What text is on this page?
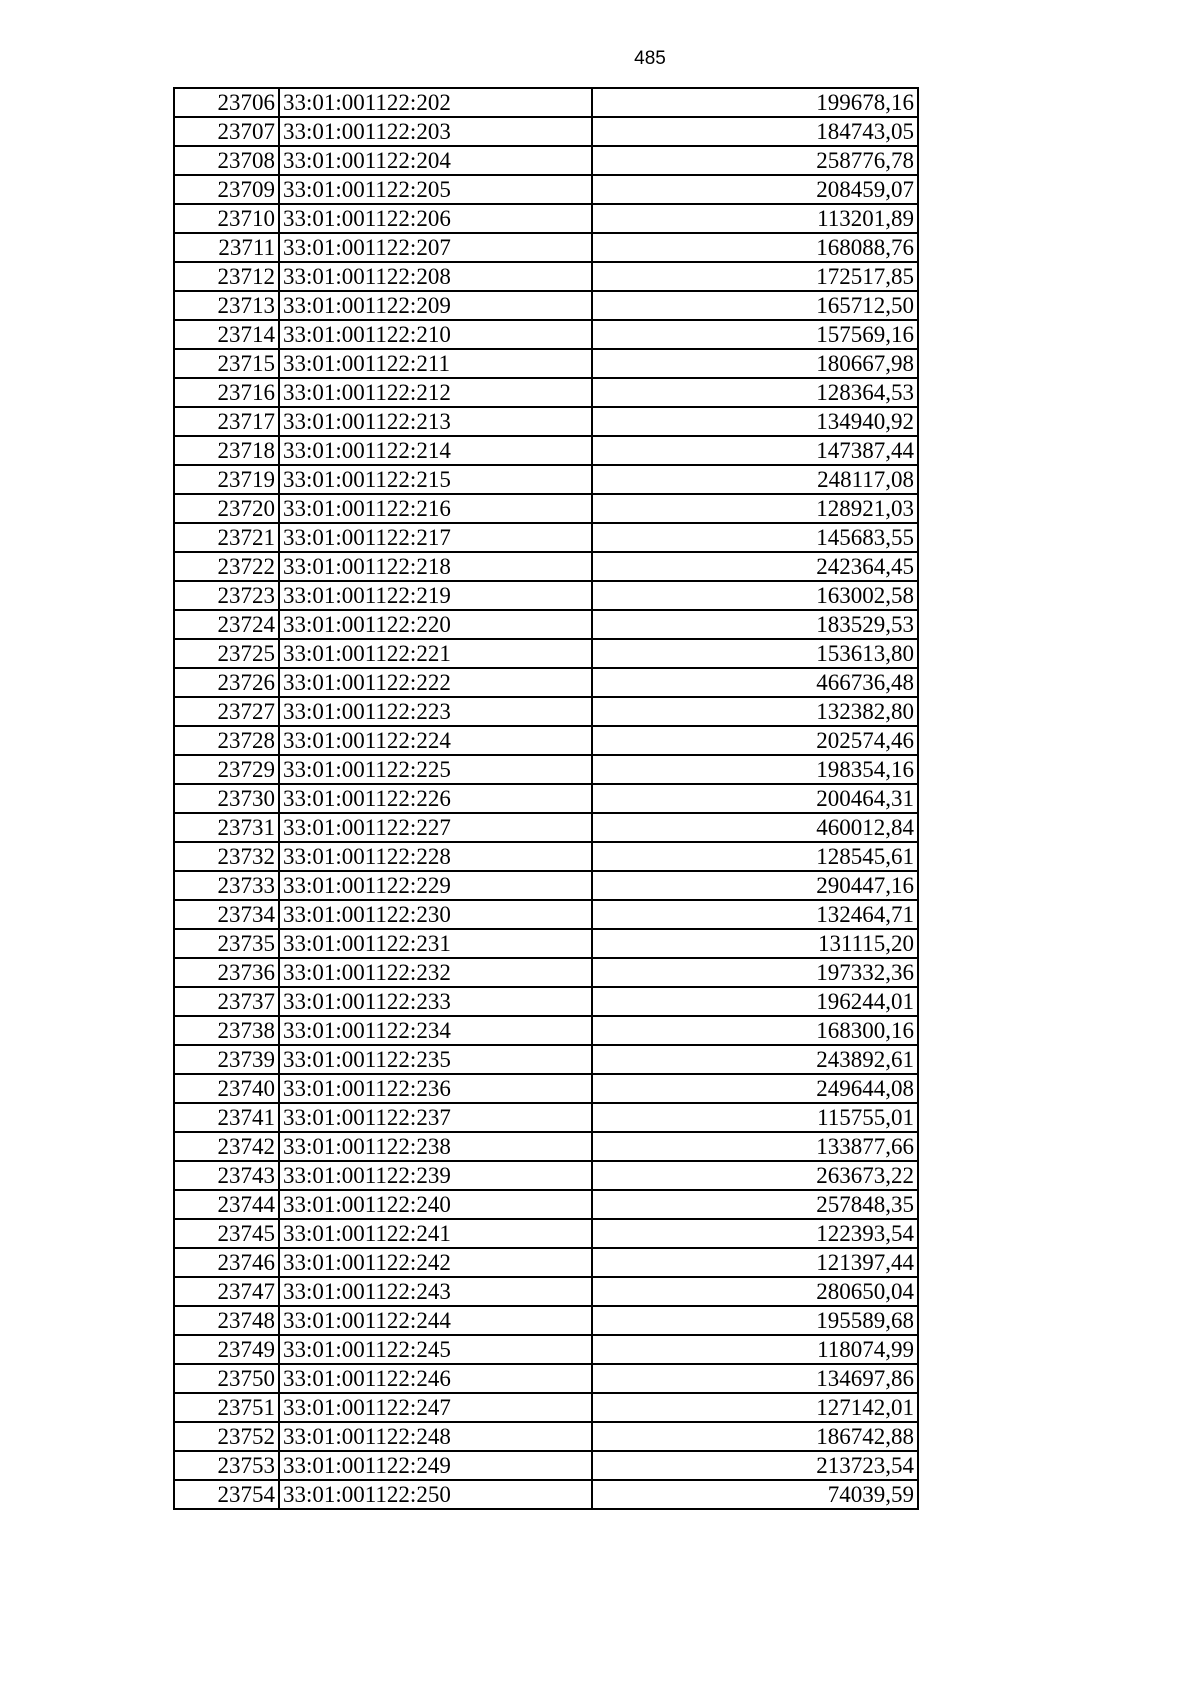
485
23706	33:01:001122:202	199678,16
23707	33:01:001122:203	184743,05
23708	33:01:001122:204	258776,78
23709	33:01:001122:205	208459,07
23710	33:01:001122:206	113201,89
23711	33:01:001122:207	168088,76
23712	33:01:001122:208	172517,85
23713	33:01:001122:209	165712,50
23714	33:01:001122:210	157569,16
23715	33:01:001122:211	180667,98
23716	33:01:001122:212	128364,53
23717	33:01:001122:213	134940,92
23718	33:01:001122:214	147387,44
23719	33:01:001122:215	248117,08
23720	33:01:001122:216	128921,03
23721	33:01:001122:217	145683,55
23722	33:01:001122:218	242364,45
23723	33:01:001122:219	163002,58
23724	33:01:001122:220	183529,53
23725	33:01:001122:221	153613,80
23726	33:01:001122:222	466736,48
23727	33:01:001122:223	132382,80
23728	33:01:001122:224	202574,46
23729	33:01:001122:225	198354,16
23730	33:01:001122:226	200464,31
23731	33:01:001122:227	460012,84
23732	33:01:001122:228	128545,61
23733	33:01:001122:229	290447,16
23734	33:01:001122:230	132464,71
23735	33:01:001122:231	131115,20
23736	33:01:001122:232	197332,36
23737	33:01:001122:233	196244,01
23738	33:01:001122:234	168300,16
23739	33:01:001122:235	243892,61
23740	33:01:001122:236	249644,08
23741	33:01:001122:237	115755,01
23742	33:01:001122:238	133877,66
23743	33:01:001122:239	263673,22
23744	33:01:001122:240	257848,35
23745	33:01:001122:241	122393,54
23746	33:01:001122:242	121397,44
23747	33:01:001122:243	280650,04
23748	33:01:001122:244	195589,68
23749	33:01:001122:245	118074,99
23750	33:01:001122:246	134697,86
23751	33:01:001122:247	127142,01
23752	33:01:001122:248	186742,88
23753	33:01:001122:249	213723,54
23754	33:01:001122:250	74039,59
